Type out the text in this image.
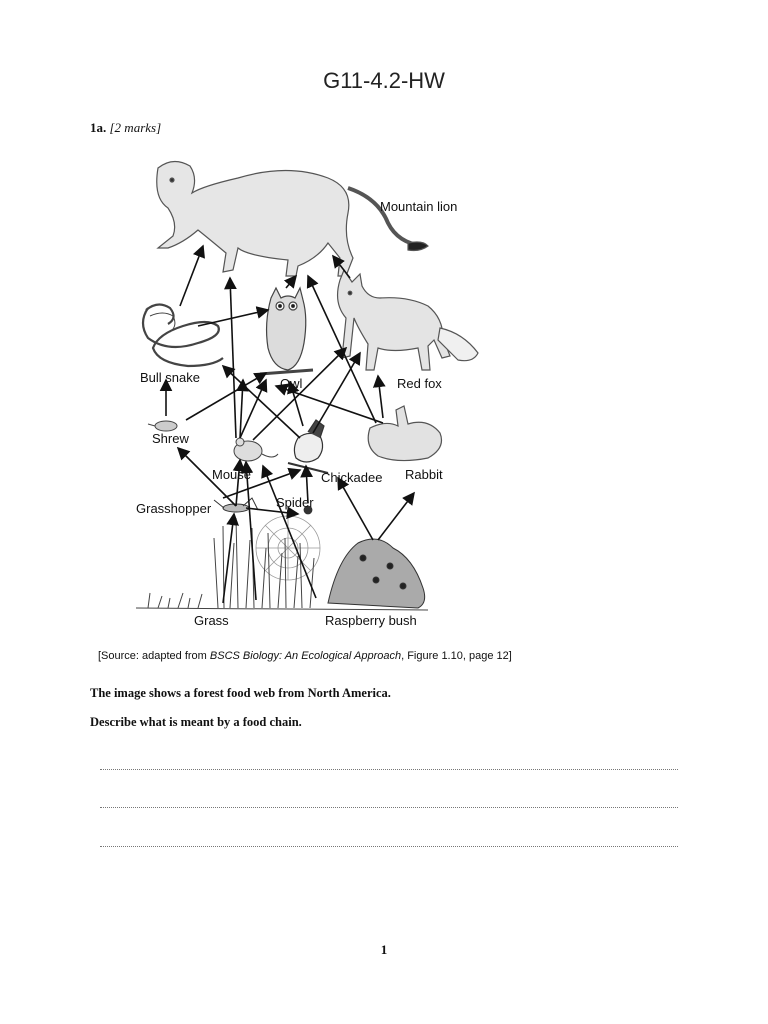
G11-4.2-HW
1a. [2 marks]
Mountain lion
Bull snake	Owl	Red fox
Shrew
Mouse	Chickadee Rabbit
Grasshopper	Spider
Grass	Raspberry bush
[Source: adapted from BSCS Biology: An Ecological Approach, Figure 1.10, page 12]
The image shows a forest food web from North America.
Describe what is meant by a food chain.
1
